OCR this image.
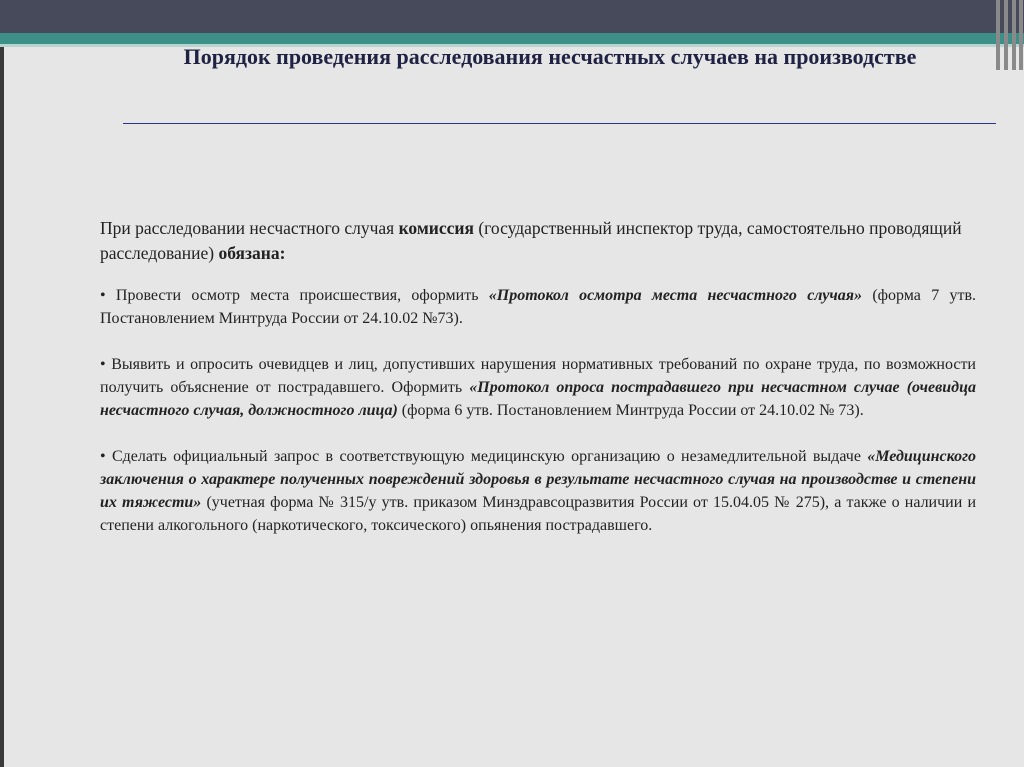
Порядок проведения расследования несчастных случаев на производстве

При расследовании несчастного случая комиссия (государственный инспектор труда, самостоятельно проводящий расследование) обязана:

• Провести осмотр места происшествия, оформить «Протокол осмотра места несчастного случая» (форма 7 утв. Постановлением Минтруда России от 24.10.02 №73).

• Выявить и опросить очевидцев и лиц, допустивших нарушения нормативных требований по охране труда, по возможности получить объяснение от пострадавшего. Оформить «Протокол опроса пострадавшего при несчастном случае (очевидца несчастного случая, должностного лица) (форма 6 утв. Постановлением Минтруда России от 24.10.02 № 73).

• Сделать официальный запрос в соответствующую медицинскую организацию о незамедлительной выдаче «Медицинского заключения о характере полученных повреждений здоровья в результате несчастного случая на производстве и степени их тяжести» (учетная форма № 315/у утв. приказом Минздравсоцразвития России от 15.04.05 № 275), а также о наличии и степени алкогольного (наркотического, токсического) опьянения пострадавшего.
